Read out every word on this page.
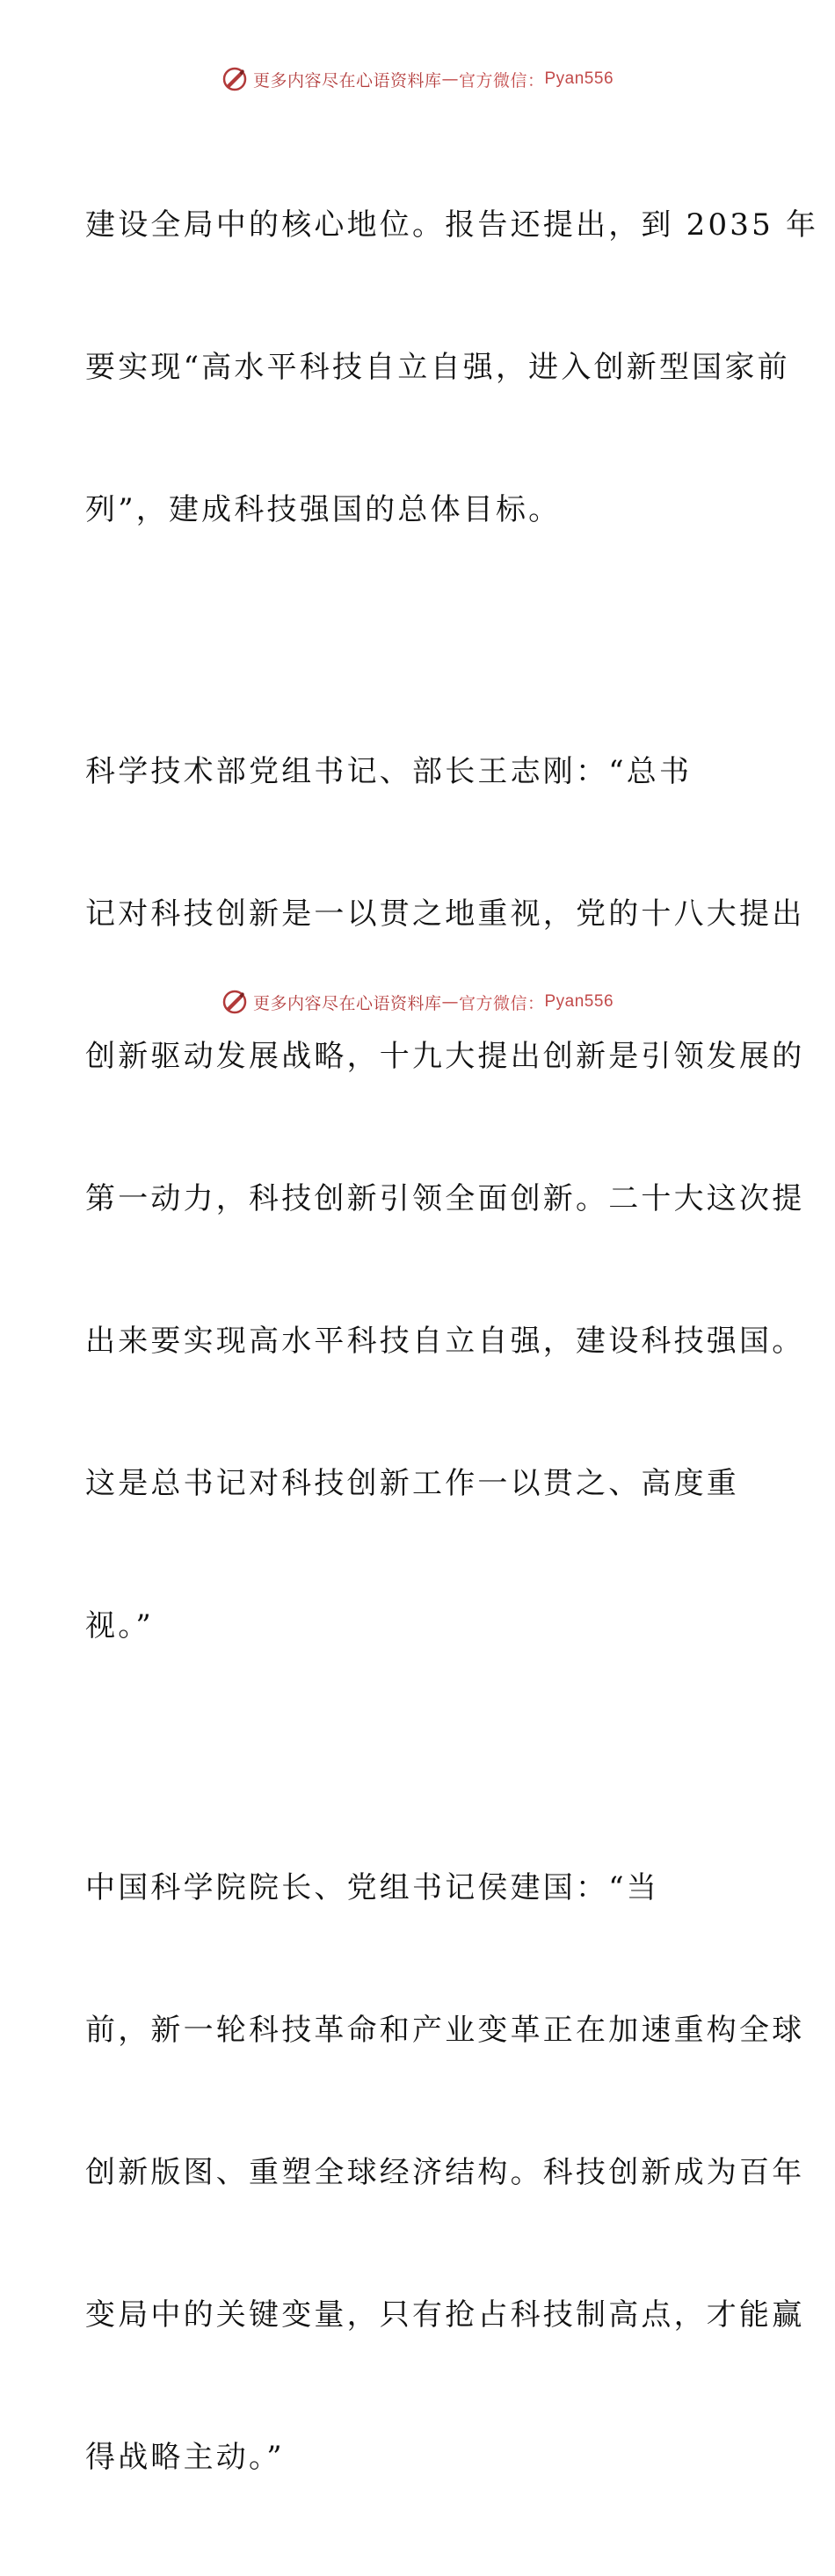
更多内容尽在心语资料库 — 官方微信： Pyan556

建设全局中的核心地位。报告还提出，到 2035 年

要实现“高水平科技自立自强，进入创新型国家前

列”，建成科技强国的总体目标。

科学技术部党组书记、部长王志刚：“总书

记对科技创新是一以贯之地重视，党的十八大提出

创新驱动发展战略，十九大提出创新是引领发展的

第一动力，科技创新引领全面创新。二十大这次提

出来要实现高水平科技自立自强，建设科技强国。

这是总书记对科技创新工作一以贯之、高度重

视。”

中国科学院院长、党组书记侯建国：“当

前，新一轮科技革命和产业变革正在加速重构全球

创新版图、重塑全球经济结构。科技创新成为百年

变局中的关键变量，只有抢占科技制高点，才能赢

得战略主动。”

更多内容尽在心语资料库 — 官方微信： Pyan556
